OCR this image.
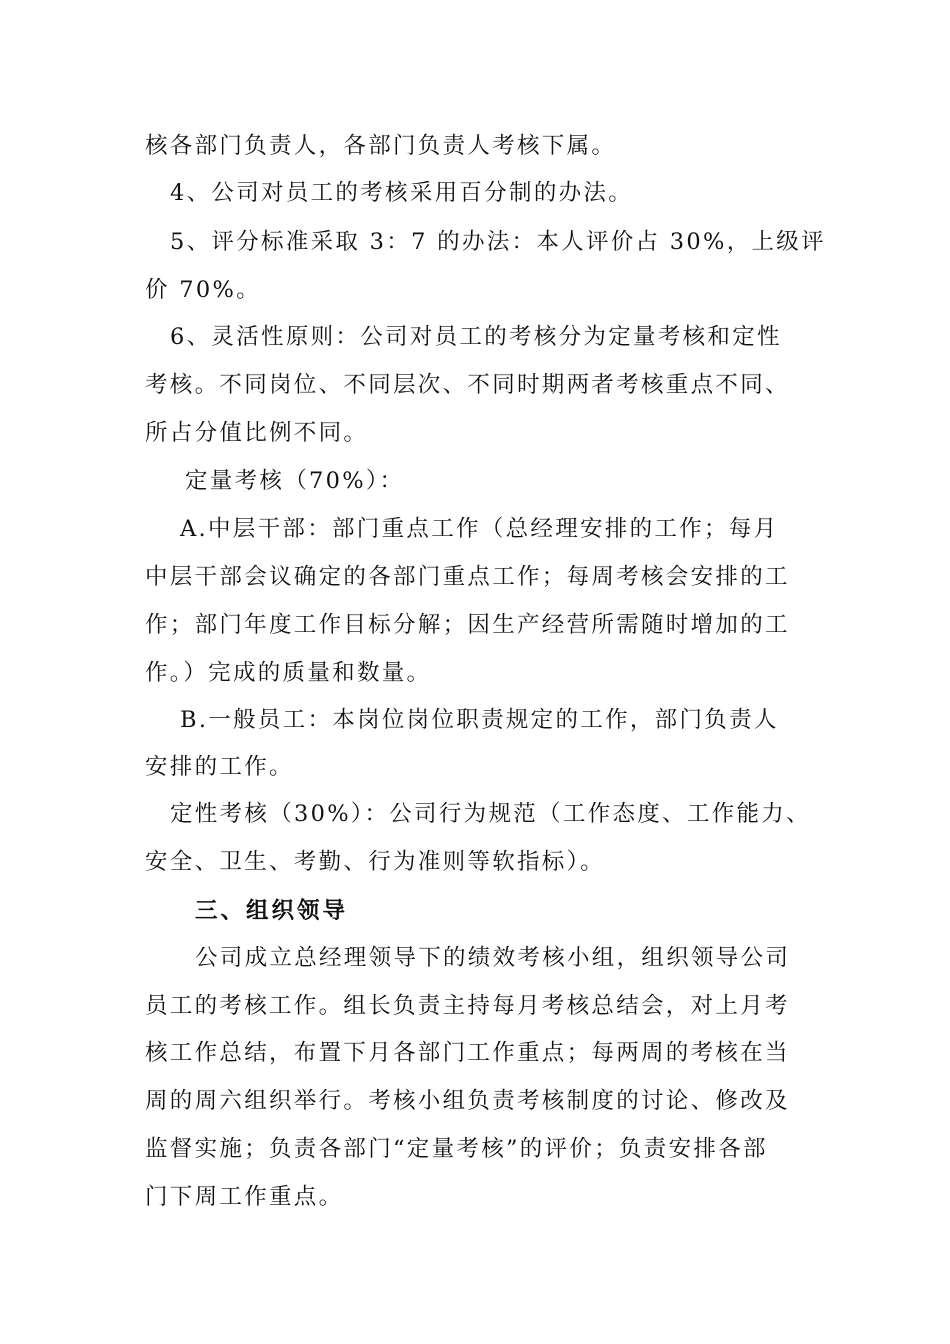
核各部门负责人，各部门负责人考核下属。
4、公司对员工的考核采用百分制的办法。
5、评分标准采取 3：7 的办法：本人评价占 30%，上级评
价 70%。
6、灵活性原则：公司对员工的考核分为定量考核和定性
考核。不同岗位、不同层次、不同时期两者考核重点不同、
所占分值比例不同。
定量考核（70%）：
A.中层干部：部门重点工作（总经理安排的工作；每月
中层干部会议确定的各部门重点工作；每周考核会安排的工
作；部门年度工作目标分解；因生产经营所需随时增加的工
作。）完成的质量和数量。
B.一般员工：本岗位岗位职责规定的工作，部门负责人
安排的工作。
定性考核（30%）：公司行为规范（工作态度、工作能力、
安全、卫生、考勤、行为准则等软指标）。
三、组织领导
公司成立总经理领导下的绩效考核小组，组织领导公司
员工的考核工作。组长负责主持每月考核总结会，对上月考
核工作总结，布置下月各部门工作重点；每两周的考核在当
周的周六组织举行。考核小组负责考核制度的讨论、修改及
监督实施；负责各部门“定量考核”的评价；负责安排各部
门下周工作重点。
